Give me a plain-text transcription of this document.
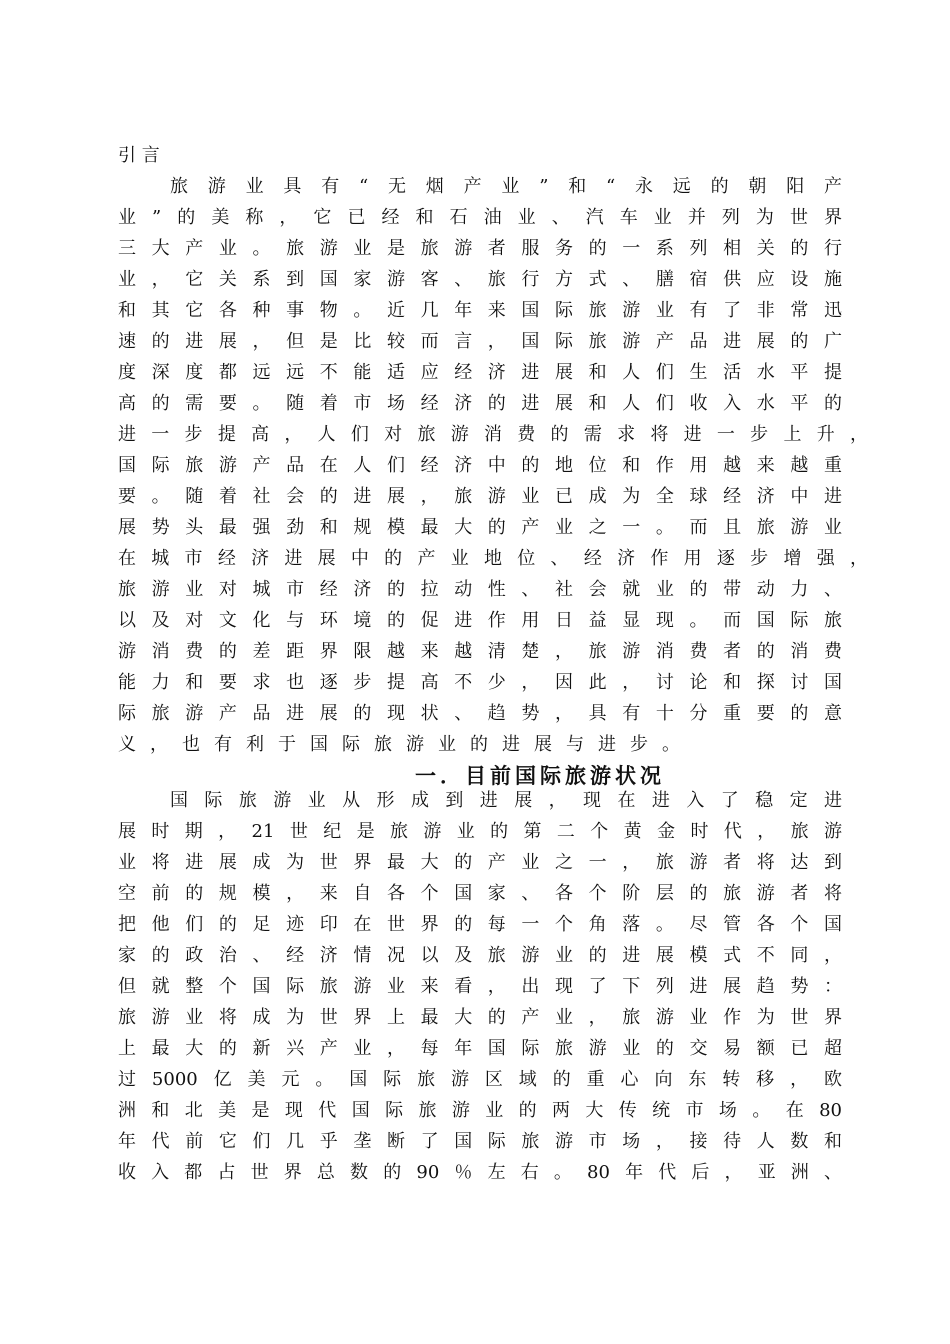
引 言
旅游业具有“无烟产业”和“永远的朝阳产
业”的美称，它已经和石油业、汽车业并列为世界
三大产业。旅游业是旅游者服务的一系列相关的行
业，它关系到国家游客、旅行方式、膳宿供应设施
和其它各种事物。近几年来国际旅游业有了非常迅
速的进展，但是比较而言，国际旅游产品进展的广
度深度都远远不能适应经济进展和人们生活水平提
高的需要。随着市场经济的进展和人们收入水平的
进一步提高，人们对旅游消费的需求将进一步上升，
国际旅游产品在人们经济中的地位和作用越来越重
要。随着社会的进展，旅游业已成为全球经济中进
展势头最强劲和规模最大的产业之一。而且旅游业
在城市经济进展中的产业地位、经济作用逐步增强，
旅游业对城市经济的拉动性、社会就业的带动力、
以及对文化与环境的促进作用日益显现。而国际旅
游消费的差距界限越来越清楚，旅游消费者的消费
能力和要求也逐步提高不少，因此，讨论和探讨国
际旅游产品进展的现状、趋势，具有十分重要的意
义，也有利于国际旅游业的进展与进步。
一．目前国际旅游状况
国际旅游业从形成到进展，现在进入了稳定进
展时期，21世纪是旅游业的第二个黄金时代，旅游
业将进展成为世界最大的产业之一，旅游者将达到
空前的规模，来自各个国家、各个阶层的旅游者将
把他们的足迹印在世界的每一个角落。尽管各个国
家的政治、经济情况以及旅游业的进展模式不同，
但就整个国际旅游业来看，出现了下列进展趋势：
旅游业将成为世界上最大的产业，旅游业作为世界
上最大的新兴产业，每年国际旅游业的交易额已超
过5000亿美元。国际旅游区域的重心向东转移，欧
洲和北美是现代国际旅游业的两大传统市场。在80
年代前它们几乎垄断了国际旅游市场，接待人数和
收入都占世界总数的90％左右。80年代后，亚洲、
